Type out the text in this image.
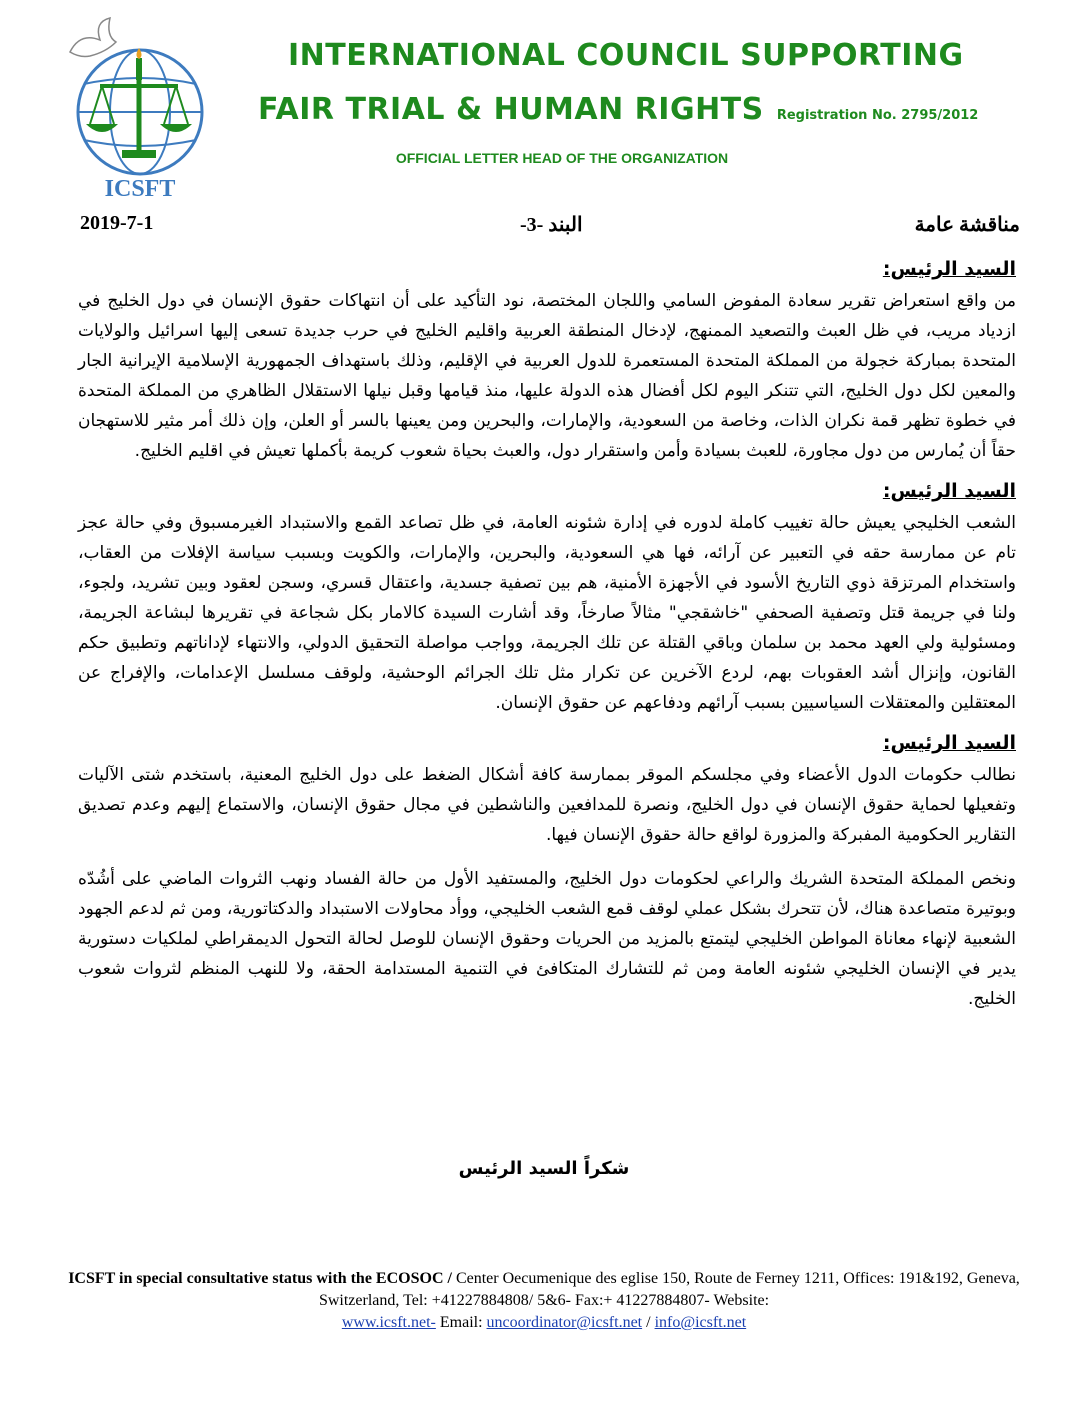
ICSFT
INTERNATIONAL COUNCIL SUPPORTING
FAIR TRIAL & HUMAN RIGHTS Registration No. 2795/2012
OFFICIAL LETTER HEAD OF THE ORGANIZATION
2019-7-1	البند -3-	مناقشة عامة
السيد الرئيس:

من واقع استعراض تقرير سعادة المفوض السامي واللجان المختصة، نود التأكيد على أن انتهاكات حقوق الإنسان في دول الخليج في ازدياد مريب، في ظل العبث والتصعيد الممنهج، لإدخال المنطقة العربية واقليم الخليج في حرب جديدة تسعى إليها اسرائيل والولايات المتحدة بمباركة خجولة من المملكة المتحدة المستعمرة للدول العربية في الإقليم، وذلك باستهداف الجمهورية الإسلامية الإيرانية الجار والمعين لكل دول الخليج، التي تتنكر اليوم لكل أفضال هذه الدولة عليها، منذ قيامها وقبل نيلها الاستقلال الظاهري من المملكة المتحدة في خطوة تظهر قمة نكران الذات، وخاصة من السعودية، والإمارات، والبحرين ومن يعينها بالسر أو العلن، وإن ذلك أمر مثير للاستهجان حقاً أن يُمارس من دول مجاورة، للعبث بسيادة وأمن واستقرار دول، والعبث بحياة شعوب كريمة بأكملها تعيش في اقليم الخليج.

السيد الرئيس:

الشعب الخليجي يعيش حالة تغييب كاملة لدوره في إدارة شئونه العامة، في ظل تصاعد القمع والاستبداد الغيرمسبوق وفي حالة عجز تام عن ممارسة حقه في التعبير عن آرائه، فها هي السعودية، والبحرين، والإمارات، والكويت وبسبب سياسة الإفلات من العقاب، واستخدام المرتزقة ذوي التاريخ الأسود في الأجهزة الأمنية، هم بين تصفية جسدية، واعتقال قسري، وسجن لعقود وبين تشريد، ولجوء، ولنا في جريمة قتل وتصفية الصحفي "خاشقجي" مثالاً صارخاً، وقد أشارت السيدة كالامار بكل شجاعة في تقريرها لبشاعة الجريمة، ومسئولية ولي العهد محمد بن سلمان وباقي القتلة عن تلك الجريمة، وواجب مواصلة التحقيق الدولي، والانتهاء لإداناتهم وتطبيق حكم القانون، وإنزال أشد العقوبات بهم، لردع الآخرين عن تكرار مثل تلك الجرائم الوحشية، ولوقف مسلسل الإعدامات، والإفراج عن المعتقلين والمعتقلات السياسيين بسبب آرائهم ودفاعهم عن حقوق الإنسان.

السيد الرئيس:

نطالب حكومات الدول الأعضاء وفي مجلسكم الموقر بممارسة كافة أشكال الضغط على دول الخليج المعنية، باستخدم شتى الآليات وتفعيلها لحماية حقوق الإنسان في دول الخليج، ونصرة للمدافعين والناشطين في مجال حقوق الإنسان، والاستماع إليهم وعدم تصديق التقارير الحكومية المفبركة والمزورة لواقع حالة حقوق الإنسان فيها.

ونخص المملكة المتحدة الشريك والراعي لحكومات دول الخليج، والمستفيد الأول من حالة الفساد ونهب الثروات الماضي على أشُدّه وبوتيرة متصاعدة هناك، لأن تتحرك بشكل عملي لوقف قمع الشعب الخليجي، ووأد محاولات الاستبداد والدكتاتورية، ومن ثم لدعم الجهود الشعبية لإنهاء معاناة المواطن الخليجي ليتمتع بالمزيد من الحريات وحقوق الإنسان للوصل لحالة التحول الديمقراطي لملكيات دستورية يدير في الإنسان الخليجي شئونه العامة ومن ثم للتشارك المتكافئ في التنمية المستدامة الحقة، ولا للنهب المنظم لثروات شعوب الخليج.

شكراً السيد الرئيس
ICSFT in special consultative status with the ECOSOC / Center Oecumenique des eglise 150, Route de Ferney 1211, Offices: 191&192, Geneva, Switzerland, Tel: +41227884808/ 5&6- Fax:+ 41227884807- Website:
www.icsft.net- Email: uncoordinator@icsft.net / info@icsft.net
